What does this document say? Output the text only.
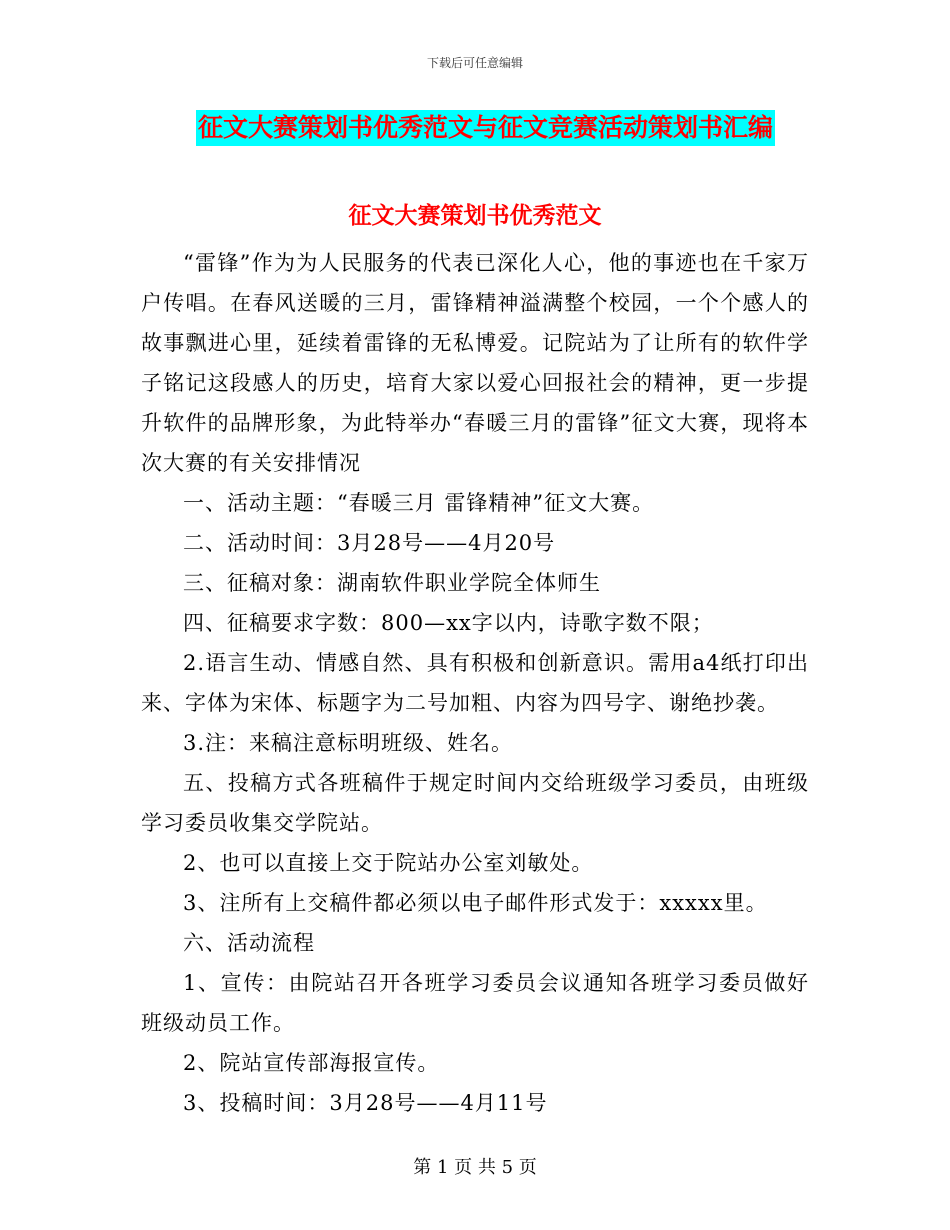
下载后可任意编辑
征文大赛策划书优秀范文与征文竞赛活动策划书汇编
征文大赛策划书优秀范文

“雷锋”作为为人民服务的代表已深化人心，他的事迹也在千家万户传唱。在春风送暖的三月，雷锋精神溢满整个校园，一个个感人的故事飘进心里，延续着雷锋的无私博爱。记院站为了让所有的软件学子铭记这段感人的历史，培育大家以爱心回报社会的精神，更一步提升软件的品牌形象，为此特举办“春暖三月的雷锋”征文大赛，现将本次大赛的有关安排情况

一、活动主题：“春暖三月 雷锋精神”征文大赛。

二、活动时间：3月28号——4月20号

三、征稿对象：湖南软件职业学院全体师生

四、征稿要求字数：800—xx字以内，诗歌字数不限；

2.语言生动、情感自然、具有积极和创新意识。需用a4纸打印出来、字体为宋体、标题字为二号加粗、内容为四号字、谢绝抄袭。

3.注：来稿注意标明班级、姓名。

五、投稿方式各班稿件于规定时间内交给班级学习委员，由班级学习委员收集交学院站。

2、也可以直接上交于院站办公室刘敏处。

3、注所有上交稿件都必须以电子邮件形式发于：xxxxx里。

六、活动流程

1、宣传：由院站召开各班学习委员会议通知各班学习委员做好班级动员工作。

2、院站宣传部海报宣传。

3、投稿时间：3月28号——4月11号

第 1 页 共 5 页
